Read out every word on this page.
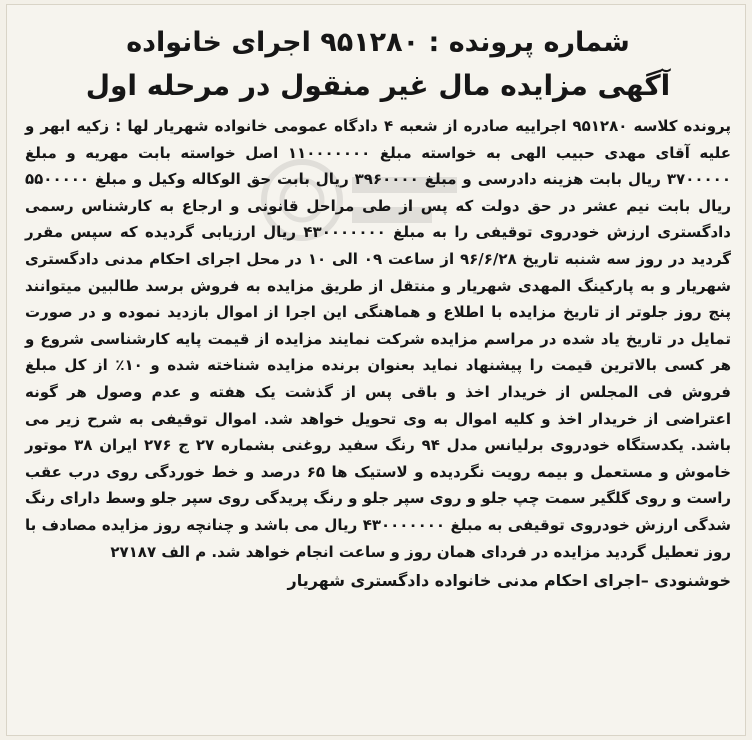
شماره پرونده : ۹۵۱۲۸۰ اجرای خانواده
آگهی مزایده مال غیر منقول در مرحله اول

پرونده کلاسه ۹۵۱۲۸۰ اجراییه صادره از شعبه ۴ دادگاه عمومی خانواده شهریار لها : زکیه ابهر و علیه آقای مهدی حبیب الهی به خواسته مبلغ ۱۱۰۰۰۰۰۰۰ اصل خواسته بابت مهریه و مبلغ ۳۷۰۰۰۰۰ ریال بابت هزینه دادرسی و مبلغ ۳۹۶۰۰۰۰ ریال بابت حق الوکاله وکیل و مبلغ ۵۵۰۰۰۰۰ ریال بابت نیم عشر در حق دولت که پس از طی مراحل قانونی و ارجاع به کارشناس رسمی دادگستری ارزش خودروی توقیفی را به مبلغ ۴۳۰۰۰۰۰۰۰ ریال ارزیابی گردیده که سپس مقرر گردید در روز سه شنبه تاریخ ۹۶/۶/۲۸ از ساعت ۰۹ الی ۱۰ در محل اجرای احکام مدنی دادگستری شهریار و به پارکینگ المهدی شهریار و منتقل از طریق مزایده به فروش برسد طالبین میتوانند پنج روز جلوتر از تاریخ مزایده با اطلاع و هماهنگی این اجرا از اموال بازدید نموده و در صورت تمایل در تاریخ یاد شده در مراسم مزایده شرکت نمایند مزایده از قیمت پایه کارشناسی شروع و هر کسی بالاترین قیمت را پیشنهاد نماید بعنوان برنده مزایده شناخته شده و ۱۰٪ از کل مبلغ فروش فی المجلس از خریدار اخذ و باقی پس از گذشت یک هفته و عدم وصول هر گونه اعتراضی از خریدار اخذ و کلیه اموال به وی تحویل خواهد شد. اموال توقیفی به شرح زیر می باشد. یکدستگاه خودروی برلیانس مدل ۹۴ رنگ سفید روغنی بشماره ۲۷ ج ۲۷۶ ایران ۳۸ موتور خاموش و مستعمل و بیمه رویت نگردیده و لاستیک ها ۶۵ درصد و خط خوردگی روی درب عقب راست و روی گلگیر سمت چپ جلو و روی سپر جلو و رنگ پریدگی روی سپر جلو وسط دارای رنگ شدگی ارزش خودروی توقیفی به مبلغ ۴۳۰۰۰۰۰۰۰ ریال می باشد و چنانچه روز مزایده مصادف با روز تعطیل گردید مزایده در فردای همان روز و ساعت انجام خواهد شد. م الف ۲۷۱۸۷

خوشنودی –اجرای احکام مدنی خانواده دادگستری شهریار
